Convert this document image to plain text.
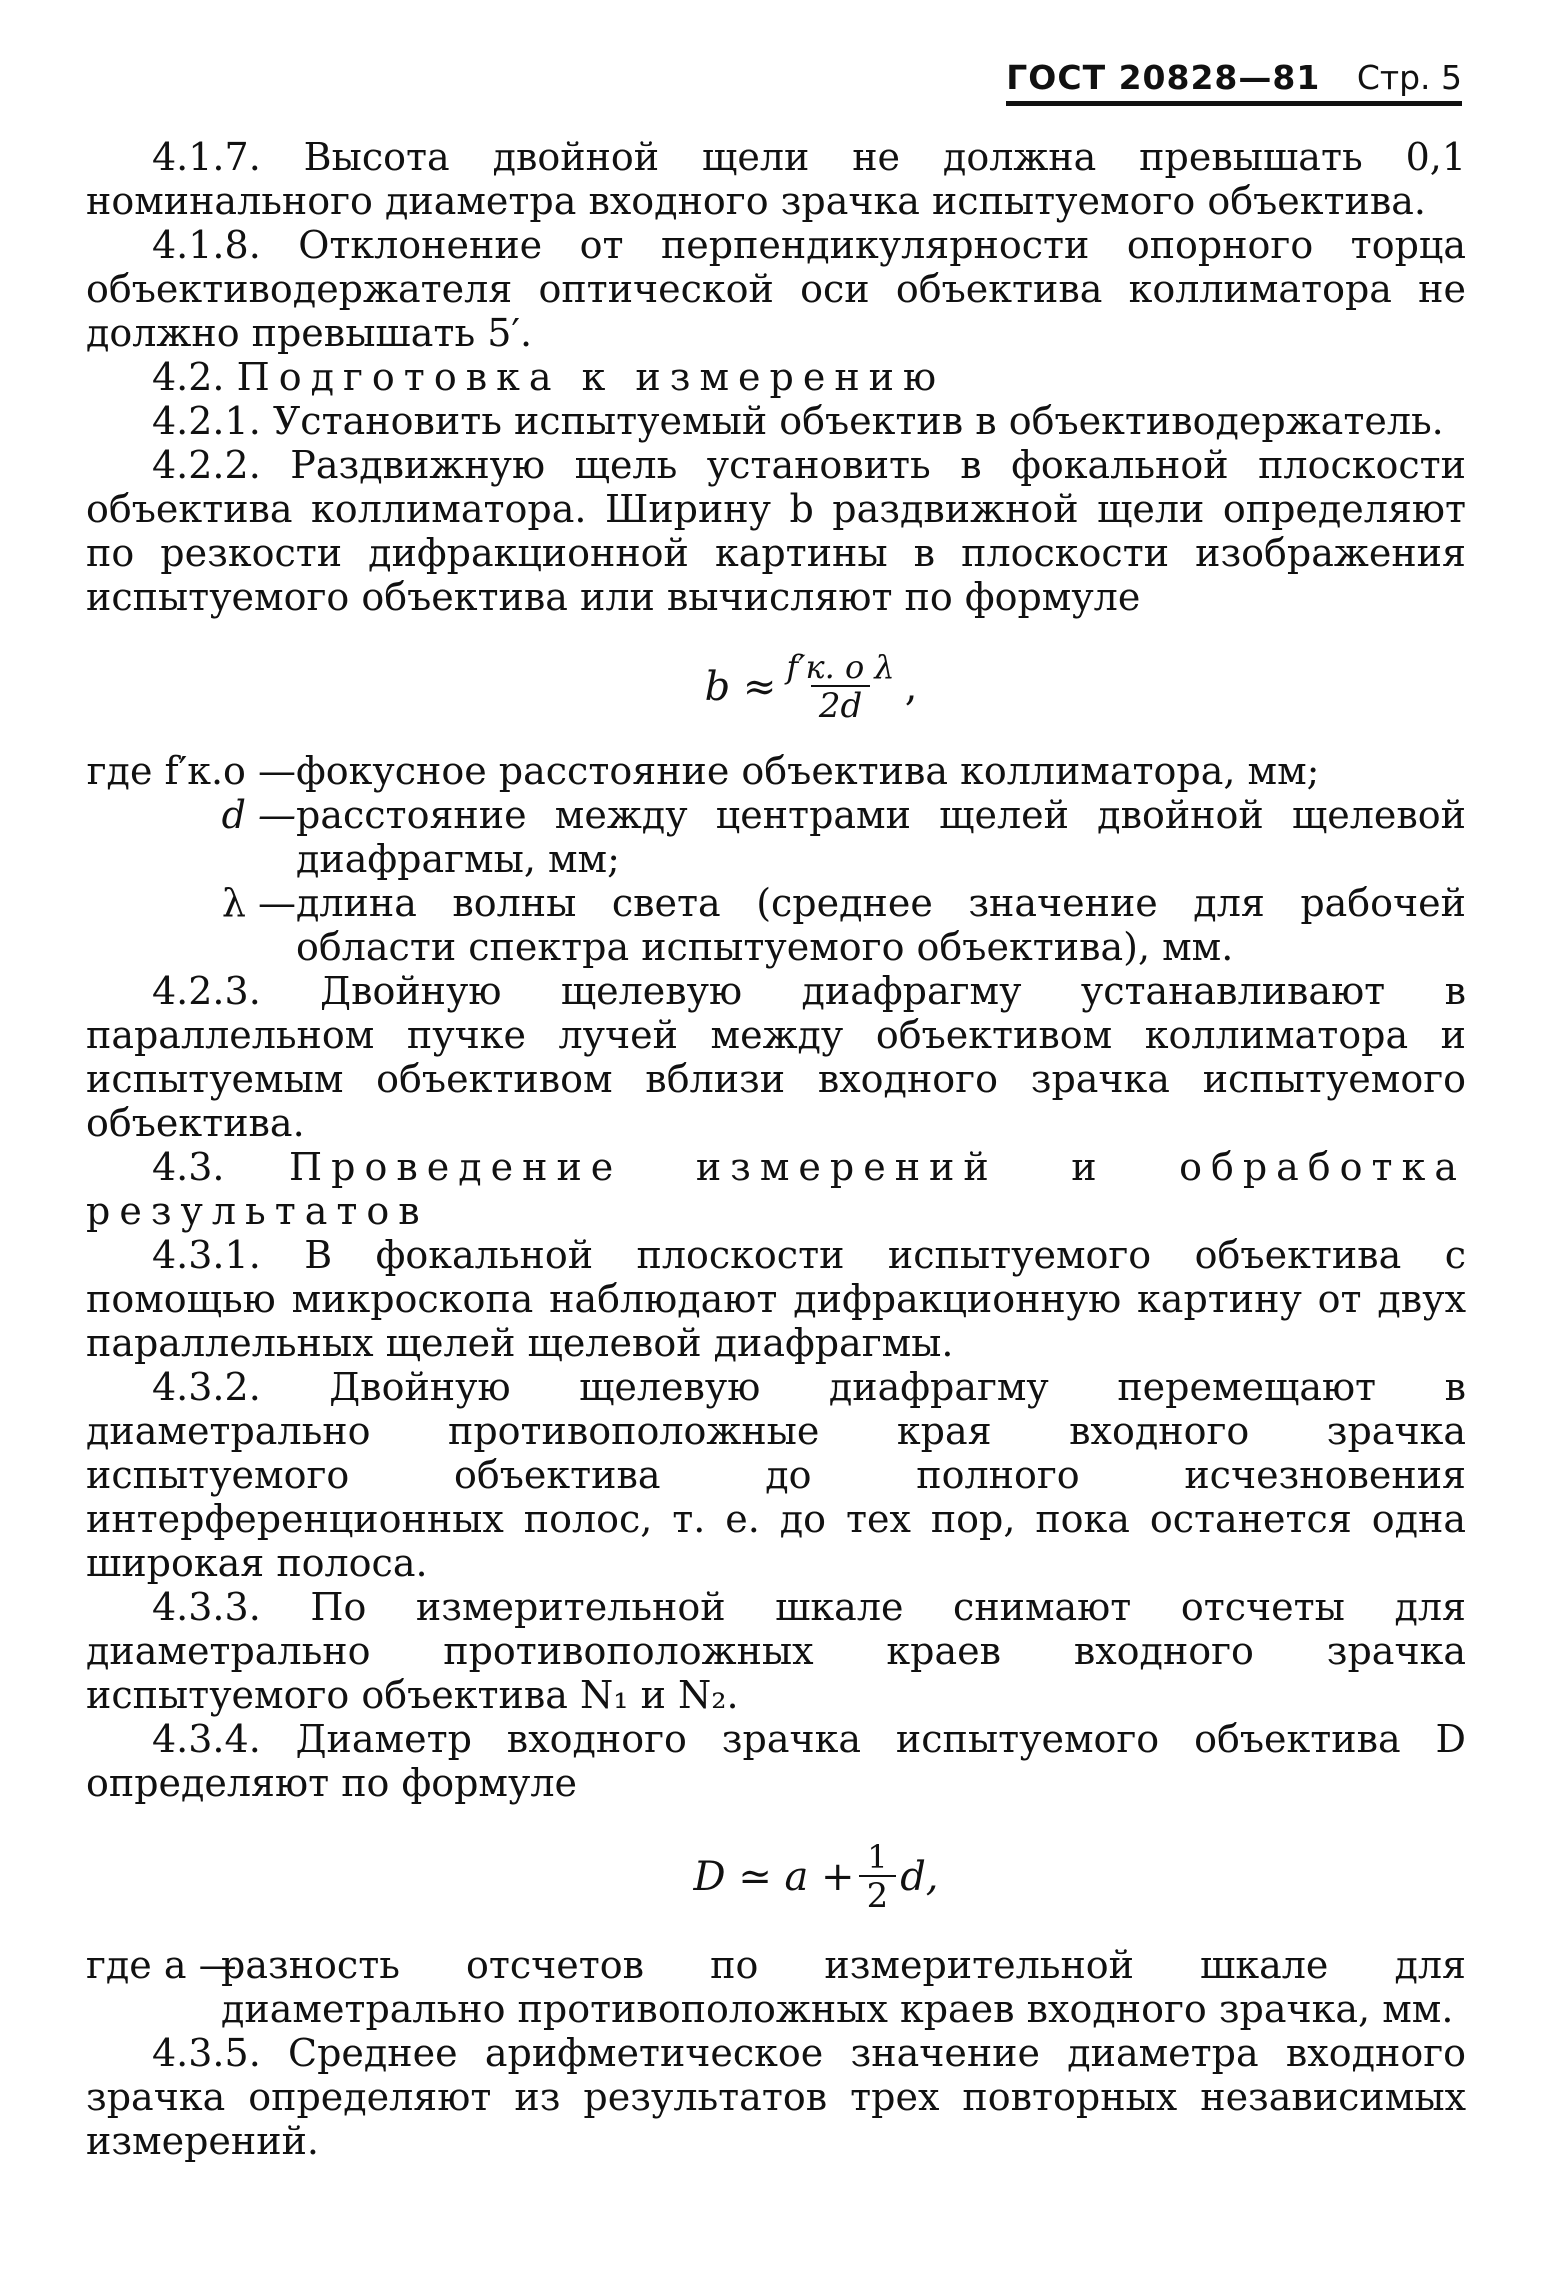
ГОСТ 20828—81 Стр. 5

4.1.7. Высота двойной щели не должна превышать 0,1 номинального диаметра входного зрачка испытуемого объектива.

4.1.8. Отклонение от перпендикулярности опорного торца объективодержателя оптической оси объектива коллиматора не должно превышать 5′.

4.2. Подготовка к измерению

4.2.1. Установить испытуемый объектив в объективодержатель.

4.2.2. Раздвижную щель установить в фокальной плоскости объектива коллиматора. Ширину b раздвижной щели определяют по резкости дифракционной картины в плоскости изображения испытуемого объектива или вычисляют по формуле

$b \approx \frac{\text{f′к. о λ}}{2d}$ ,
где f′к.о — фокусное расстояние объектива коллиматора, мм;
d — расстояние между центрами щелей двойной щелевой диафрагмы, мм;
λ — длина волны света (среднее значение для рабочей области спектра испытуемого объектива), мм.

4.2.3. Двойную щелевую диафрагму устанавливают в параллельном пучке лучей между объективом коллиматора и испытуемым объективом вблизи входного зрачка испытуемого объектива.

4.3. Проведение измерений и обработка результатов

4.3.1. В фокальной плоскости испытуемого объектива с помощью микроскопа наблюдают дифракционную картину от двух параллельных щелей щелевой диафрагмы.

4.3.2. Двойную щелевую диафрагму перемещают в диаметрально противоположные края входного зрачка испытуемого объектива до полного исчезновения интерференционных полос, т. е. до тех пор, пока останется одна широкая полоса.

4.3.3. По измерительной шкале снимают отсчеты для диаметрально противоположных краев входного зрачка испытуемого объектива N₁ и N₂.

4.3.4. Диаметр входного зрачка испытуемого объектива D определяют по формуле

D ≃ $a + \frac{1}{2} d$,
где a —
разность отсчетов по измерительной шкале для диаметрально противоположных краев входного зрачка, мм.

4.3.5. Среднее арифметическое значение диаметра входного зрачка определяют из результатов трех повторных независимых измерений.
